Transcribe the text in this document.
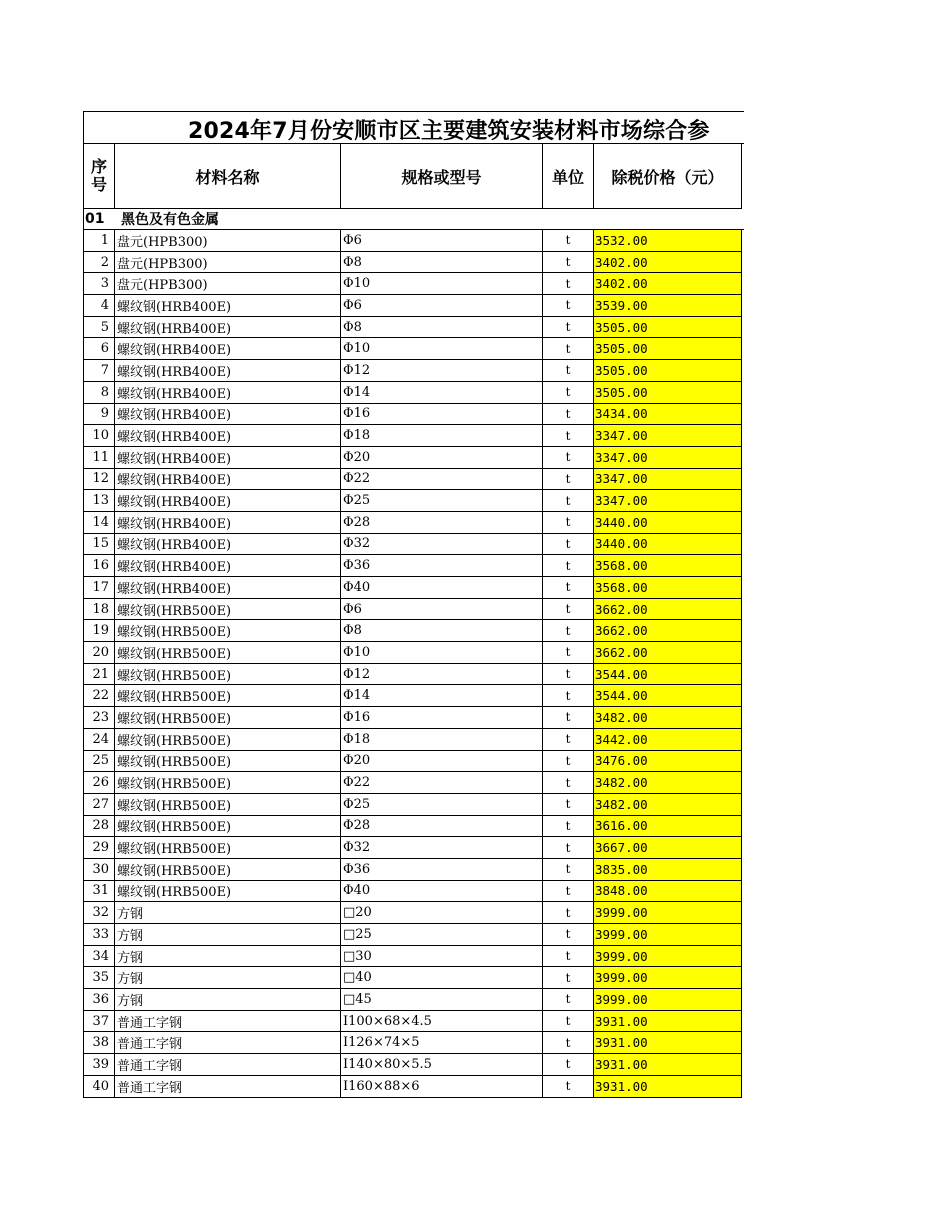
2024年7月份安顺市区主要建筑安装材料市场综合参
序号	材料名称	规格或型号	单位	除税价格（元）
01	黑色及有色金属
1 盘元(HPB300)	Φ6	t	3532.00
2 盘元(HPB300)	Φ8	t	3402.00
3 盘元(HPB300)	Φ10	t	3402.00
4 螺纹钢(HRB400E)	Φ6	t	3539.00
5 螺纹钢(HRB400E)	Φ8	t	3505.00
6 螺纹钢(HRB400E)	Φ10	t	3505.00
7 螺纹钢(HRB400E)	Φ12	t	3505.00
8 螺纹钢(HRB400E)	Φ14	t	3505.00
9 螺纹钢(HRB400E)	Φ16	t	3434.00
10 螺纹钢(HRB400E)	Φ18	t	3347.00
11 螺纹钢(HRB400E)	Φ20	t	3347.00
12 螺纹钢(HRB400E)	Φ22	t	3347.00
13 螺纹钢(HRB400E)	Φ25	t	3347.00
14 螺纹钢(HRB400E)	Φ28	t	3440.00
15 螺纹钢(HRB400E)	Φ32	t	3440.00
16 螺纹钢(HRB400E)	Φ36	t	3568.00
17 螺纹钢(HRB400E)	Φ40	t	3568.00
18 螺纹钢(HRB500E)	Φ6	t	3662.00
19 螺纹钢(HRB500E)	Φ8	t	3662.00
20 螺纹钢(HRB500E)	Φ10	t	3662.00
21 螺纹钢(HRB500E)	Φ12	t	3544.00
22 螺纹钢(HRB500E)	Φ14	t	3544.00
23 螺纹钢(HRB500E)	Φ16	t	3482.00
24 螺纹钢(HRB500E)	Φ18	t	3442.00
25 螺纹钢(HRB500E)	Φ20	t	3476.00
26 螺纹钢(HRB500E)	Φ22	t	3482.00
27 螺纹钢(HRB500E)	Φ25	t	3482.00
28 螺纹钢(HRB500E)	Φ28	t	3616.00
29 螺纹钢(HRB500E)	Φ32	t	3667.00
30 螺纹钢(HRB500E)	Φ36	t	3835.00
31 螺纹钢(HRB500E)	Φ40	t	3848.00
32 方钢	□20	t	3999.00
33 方钢	□25	t	3999.00
34 方钢	□30	t	3999.00
35 方钢	□40	t	3999.00
36 方钢	□45	t	3999.00
37 普通工字钢	I100×68×4.5	t	3931.00
38 普通工字钢	I126×74×5	t	3931.00
39 普通工字钢	I140×80×5.5	t	3931.00
40 普通工字钢	I160×88×6	t	3931.00
